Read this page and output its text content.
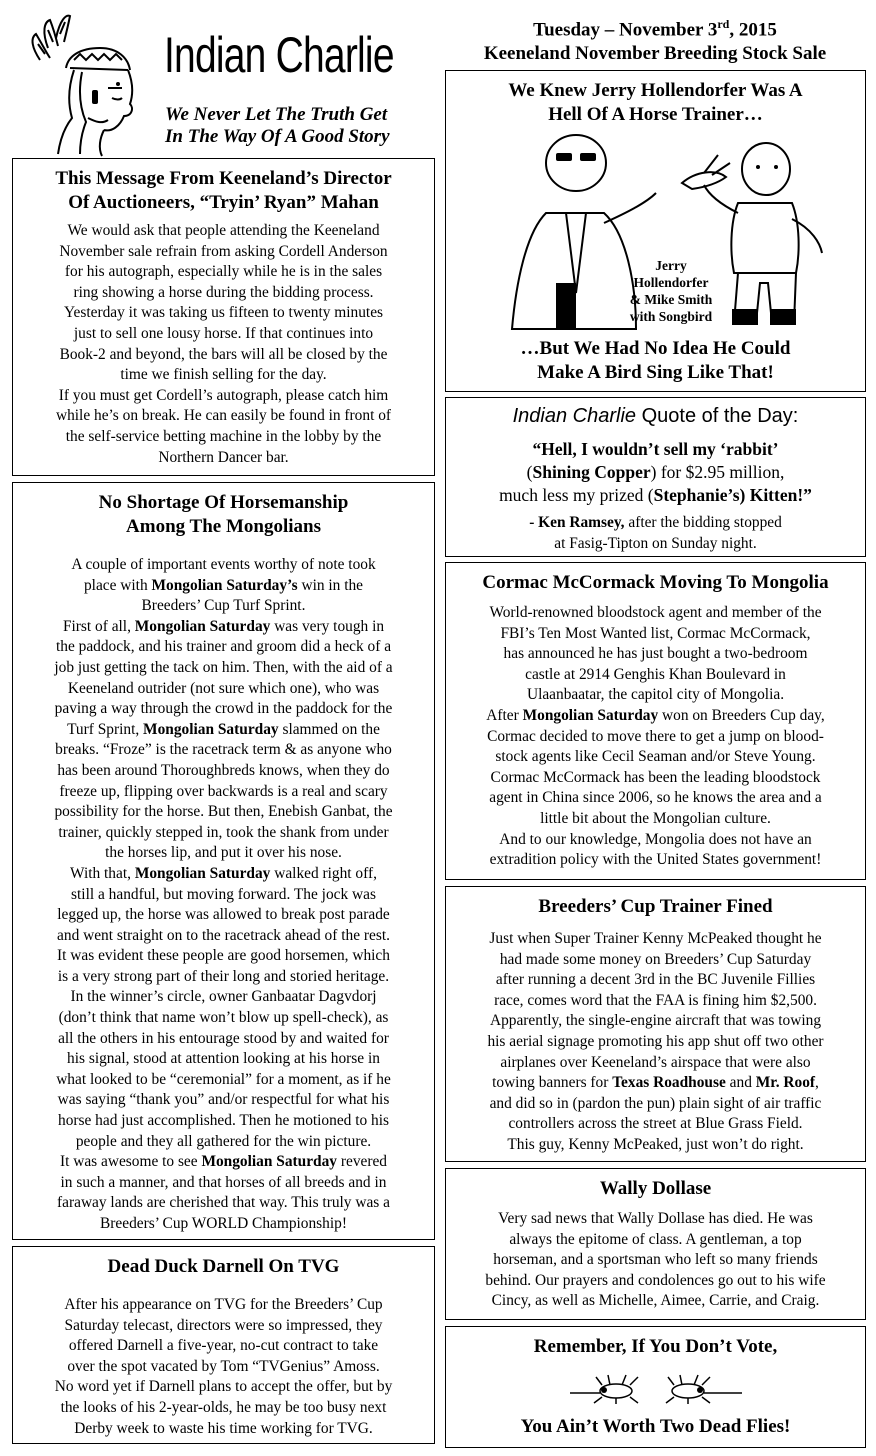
Indian Charlie
We Never Let The Truth Get
In The Way Of A Good Story
Tuesday – November 3rd, 2015
Keeneland November Breeding Stock Sale
This Message From Keeneland’s Director
Of Auctioneers, “Tryin’ Ryan” Mahan

We would ask that people attending the Keeneland

November sale refrain from asking Cordell Anderson

for his autograph, especially while he is in the sales

ring showing a horse during the bidding process.

Yesterday it was taking us fifteen to twenty minutes

just to sell one lousy horse. If that continues into

Book-2 and beyond, the bars will all be closed by the

time we finish selling for the day.

If you must get Cordell’s autograph, please catch him

while he’s on break. He can easily be found in front of

the self-service betting machine in the lobby by the

Northern Dancer bar.

No Shortage Of Horsemanship
Among The Mongolians

A couple of important events worthy of note took

place with Mongolian Saturday’s win in the

Breeders’ Cup Turf Sprint.

First of all, Mongolian Saturday was very tough in

the paddock, and his trainer and groom did a heck of a

job just getting the tack on him. Then, with the aid of a

Keeneland outrider (not sure which one), who was

paving a way through the crowd in the paddock for the

Turf Sprint, Mongolian Saturday slammed on the

breaks. “Froze” is the racetrack term & as anyone who

has been around Thoroughbreds knows, when they do

freeze up, flipping over backwards is a real and scary

possibility for the horse. But then, Enebish Ganbat, the

trainer, quickly stepped in, took the shank from under

the horses lip, and put it over his nose.

With that, Mongolian Saturday walked right off,

still a handful, but moving forward. The jock was

legged up, the horse was allowed to break post parade

and went straight on to the racetrack ahead of the rest.

It was evident these people are good horsemen, which

is a very strong part of their long and storied heritage.

In the winner’s circle, owner Ganbaatar Dagvdorj

(don’t think that name won’t blow up spell-check), as

all the others in his entourage stood by and waited for

his signal, stood at attention looking at his horse in

what looked to be “ceremonial” for a moment, as if he

was saying “thank you” and/or respectful for what his

horse had just accomplished. Then he motioned to his

people and they all gathered for the win picture.

It was awesome to see Mongolian Saturday revered

in such a manner, and that horses of all breeds and in

faraway lands are cherished that way. This truly was a

Breeders’ Cup WORLD Championship!

Dead Duck Darnell On TVG

After his appearance on TVG for the Breeders’ Cup

Saturday telecast, directors were so impressed, they

offered Darnell a five-year, no-cut contract to take

over the spot vacated by Tom “TVGenius” Amoss.

No word yet if Darnell plans to accept the offer, but by

the looks of his 2-year-olds, he may be too busy next

Derby week to waste his time working for TVG.

We Knew Jerry Hollendorfer Was A
Hell Of A Horse Trainer…
Jerry
Hollendorfer
& Mike Smith
with Songbird
…But We Had No Idea He Could
Make A Bird Sing Like That!
Indian Charlie Quote of the Day:
“Hell, I wouldn’t sell my ‘rabbit’
(Shining Copper) for $2.95 million,
much less my prized (Stephanie’s) Kitten!”
- Ken Ramsey, after the bidding stopped
at Fasig-Tipton on Sunday night.
Cormac McCormack Moving To Mongolia

World-renowned bloodstock agent and member of the

FBI’s Ten Most Wanted list, Cormac McCormack,

has announced he has just bought a two-bedroom

castle at 2914 Genghis Khan Boulevard in

Ulaanbaatar, the capitol city of Mongolia.

After Mongolian Saturday won on Breeders Cup day,

Cormac decided to move there to get a jump on blood-

stock agents like Cecil Seaman and/or Steve Young.

Cormac McCormack has been the leading bloodstock

agent in China since 2006, so he knows the area and a

little bit about the Mongolian culture.

And to our knowledge, Mongolia does not have an

extradition policy with the United States government!

Breeders’ Cup Trainer Fined

Just when Super Trainer Kenny McPeaked thought he

had made some money on Breeders’ Cup Saturday

after running a decent 3rd in the BC Juvenile Fillies

race, comes word that the FAA is fining him $2,500.

Apparently, the single-engine aircraft that was towing

his aerial signage promoting his app shut off two other

airplanes over Keeneland’s airspace that were also

towing banners for Texas Roadhouse and Mr. Roof,

and did so in (pardon the pun) plain sight of air traffic

controllers across the street at Blue Grass Field.

This guy, Kenny McPeaked, just won’t do right.

Wally Dollase

Very sad news that Wally Dollase has died. He was

always the epitome of class. A gentleman, a top

horseman, and a sportsman who left so many friends

behind. Our prayers and condolences go out to his wife

Cincy, as well as Michelle, Aimee, Carrie, and Craig.

Remember, If You Don’t Vote,
You Ain’t Worth Two Dead Flies!
